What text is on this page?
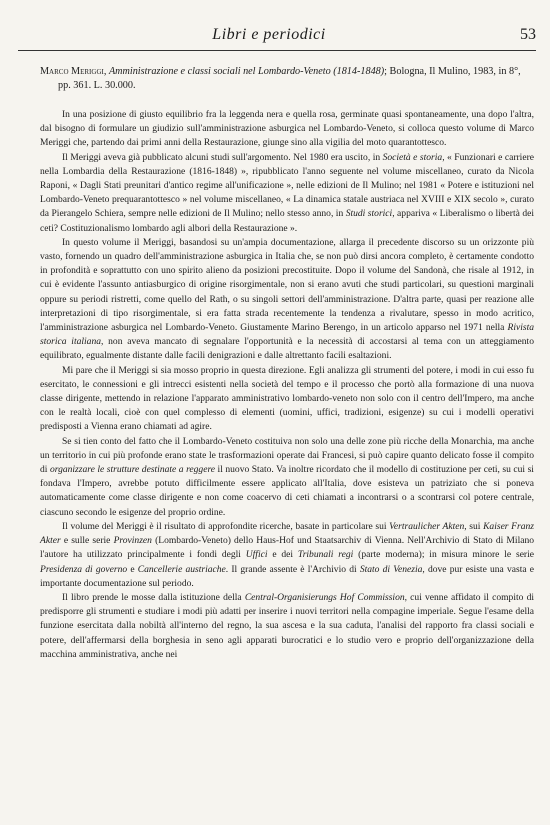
Libri e periodici	53
Marco Meriggi, Amministrazione e classi sociali nel Lombardo-Veneto (1814-1848); Bologna, Il Mulino, 1983, in 8°, pp. 361. L. 30.000.

In una posizione di giusto equilibrio fra la leggenda nera e quella rosa, germinate quasi spontaneamente, una dopo l'altra, dal bisogno di formulare un giudizio sull'amministrazione asburgica nel Lombardo-Veneto, si colloca questo volume di Marco Meriggi che, partendo dai primi anni della Restaurazione, giunge sino alla vigilia del moto quarantottesco.

Il Meriggi aveva già pubblicato alcuni studi sull'argomento. Nel 1980 era uscito, in Società e storia, « Funzionari e carriere nella Lombardia della Restaurazione (1816-1848) », ripubblicato l'anno seguente nel volume miscellaneo, curato da Nicola Raponi, « Dagli Stati preunitari d'antico regime all'unificazione », nelle edizioni de Il Mulino; nel 1981 « Potere e istituzioni nel Lombardo-Veneto prequarantottesco » nel volume miscellaneo, « La dinamica statale austriaca nel XVIII e XIX secolo », curato da Pierangelo Schiera, sempre nelle edizioni de Il Mulino; nello stesso anno, in Studi storici, appariva « Liberalismo o libertà dei ceti? Costituzionalismo lombardo agli albori della Restaurazione ».

In questo volume il Meriggi, basandosi su un'ampia documentazione, allarga il precedente discorso su un orizzonte più vasto, fornendo un quadro dell'amministrazione asburgica in Italia che, se non può dirsi ancora completo, è certamente condotto in profondità e soprattutto con uno spirito alieno da posizioni precostituite. Dopo il volume del Sandonà, che risale al 1912, in cui è evidente l'assunto antiasburgico di origine risorgimentale, non si erano avuti che studi particolari, su questioni marginali oppure su periodi ristretti, come quello del Rath, o su singoli settori dell'amministrazione. D'altra parte, quasi per reazione alle interpretazioni di tipo risorgimentale, si era fatta strada recentemente la tendenza a rivalutare, spesso in modo acritico, l'amministrazione asburgica nel Lombardo-Veneto. Giustamente Marino Berengo, in un articolo apparso nel 1971 nella Rivista storica italiana, non aveva mancato di segnalare l'opportunità e la necessità di accostarsi al tema con un atteggiamento equilibrato, egualmente distante dalle facili denigrazioni e dalle altrettanto facili esaltazioni.

Mi pare che il Meriggi si sia mosso proprio in questa direzione. Egli analizza gli strumenti del potere, i modi in cui esso fu esercitato, le connessioni e gli intrecci esistenti nella società del tempo e il processo che portò alla formazione di una nuova classe dirigente, mettendo in relazione l'apparato amministrativo lombardo-veneto non solo con il centro dell'Impero, ma anche con le realtà locali, cioè con quel complesso di elementi (uomini, uffici, tradizioni, esigenze) su cui i modelli operativi predisposti a Vienna erano chiamati ad agire.

Se si tien conto del fatto che il Lombardo-Veneto costituiva non solo una delle zone più ricche della Monarchia, ma anche un territorio in cui più profonde erano state le trasformazioni operate dai Francesi, si può capire quanto delicato fosse il compito di organizzare le strutture destinate a reggere il nuovo Stato. Va inoltre ricordato che il modello di costituzione per ceti, su cui si fondava l'Impero, avrebbe potuto difficilmente essere applicato all'Italia, dove esisteva un patriziato che si poneva automaticamente come classe dirigente e non come coacervo di ceti chiamati a incontrarsi o a scontrarsi col potere centrale, ciascuno secondo le esigenze del proprio ordine.

Il volume del Meriggi è il risultato di approfondite ricerche, basate in particolare sui Vertraulicher Akten, sui Kaiser Franz Akter e sulle serie Provinzen (Lombardo-Veneto) dello Haus-Hof und Staatsarchiv di Vienna. Nell'Archivio di Stato di Milano l'autore ha utilizzato principalmente i fondi degli Uffici e dei Tribunali regi (parte moderna); in misura minore le serie Presidenza di governo e Cancellerie austriache. Il grande assente è l'Archivio di Stato di Venezia, dove pur esiste una vasta e importante documentazione sul periodo.

Il libro prende le mosse dalla istituzione della Central-Organisierungs Hof Commission, cui venne affidato il compito di predisporre gli strumenti e studiare i modi più adatti per inserire i nuovi territori nella compagine imperiale. Segue l'esame della funzione esercitata dalla nobiltà all'interno del regno, la sua ascesa e la sua caduta, l'analisi del rapporto fra classi sociali e potere, dell'affermarsi della borghesia in seno agli apparati burocratici e lo studio vero e proprio dell'organizzazione della macchina amministrativa, anche nei
